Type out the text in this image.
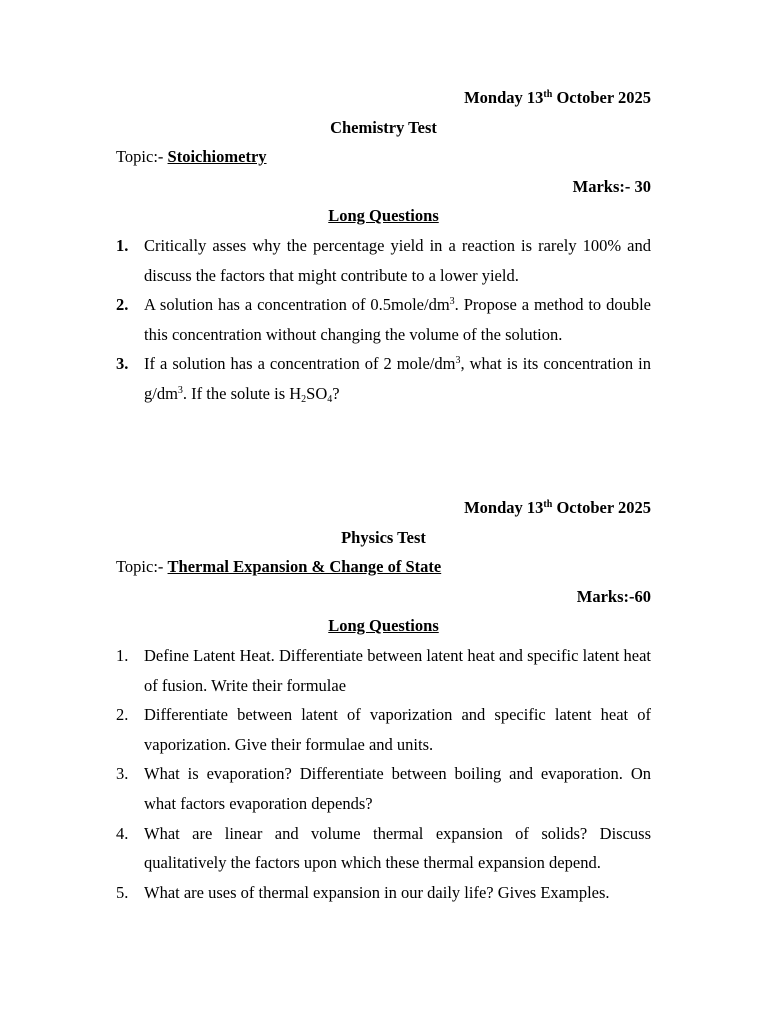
Monday 13th October 2025
Chemistry Test
Topic:- Stoichiometry
Marks:- 30
Long Questions
1. Critically asses why the percentage yield in a reaction is rarely 100% and discuss the factors that might contribute to a lower yield.
2. A solution has a concentration of $0.5mole/dm^3$. Propose a method to double this concentration without changing the volume of the solution.
3. If a solution has a concentration of 2 mole/$dm^3$, what is its concentration in $g/dm^3$. If the solute is $H_2SO_4$?
Monday 13th October 2025
Physics Test
Topic:- Thermal Expansion & Change of State
Marks:-60
Long Questions
1. Define Latent Heat. Differentiate between latent heat and specific latent heat of fusion. Write their formulae
2. Differentiate between latent of vaporization and specific latent heat of vaporization. Give their formulae and units.
3. What is evaporation? Differentiate between boiling and evaporation. On what factors evaporation depends?
4. What are linear and volume thermal expansion of solids? Discuss qualitatively the factors upon which these thermal expansion depend.
5. What are uses of thermal expansion in our daily life? Gives Examples.
